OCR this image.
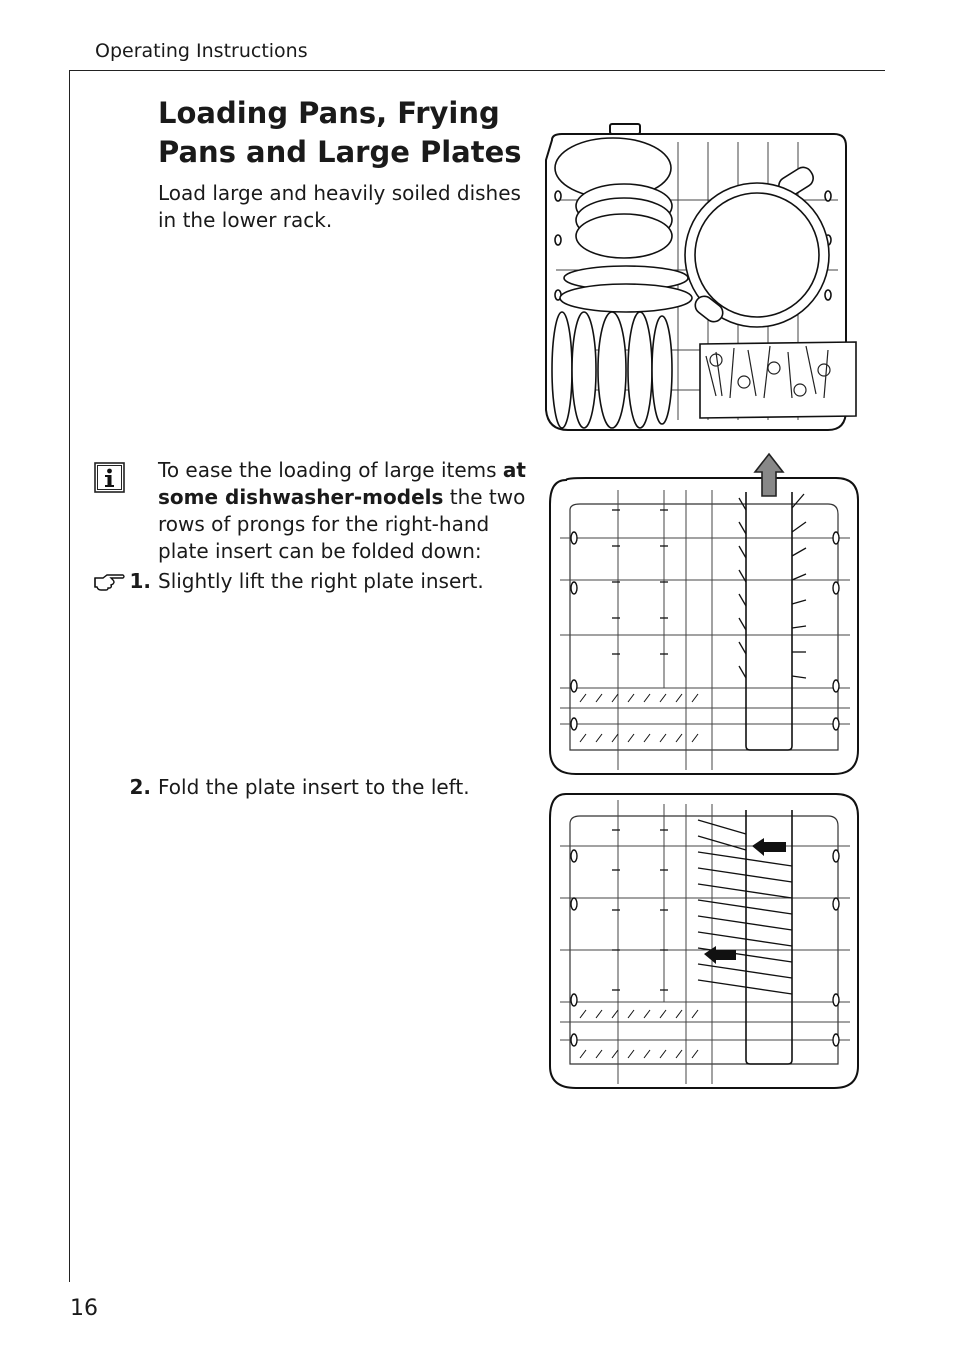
Operating Instructions
Loading Pans, Frying Pans and Large Plates
Load large and heavily soiled dishes in the lower rack.
To ease the loading of large items at some dishwasher-models the two rows of prongs for the right-hand plate insert can be folded down:
1. Slightly lift the right plate insert.
2. Fold the plate insert to the left.
16
